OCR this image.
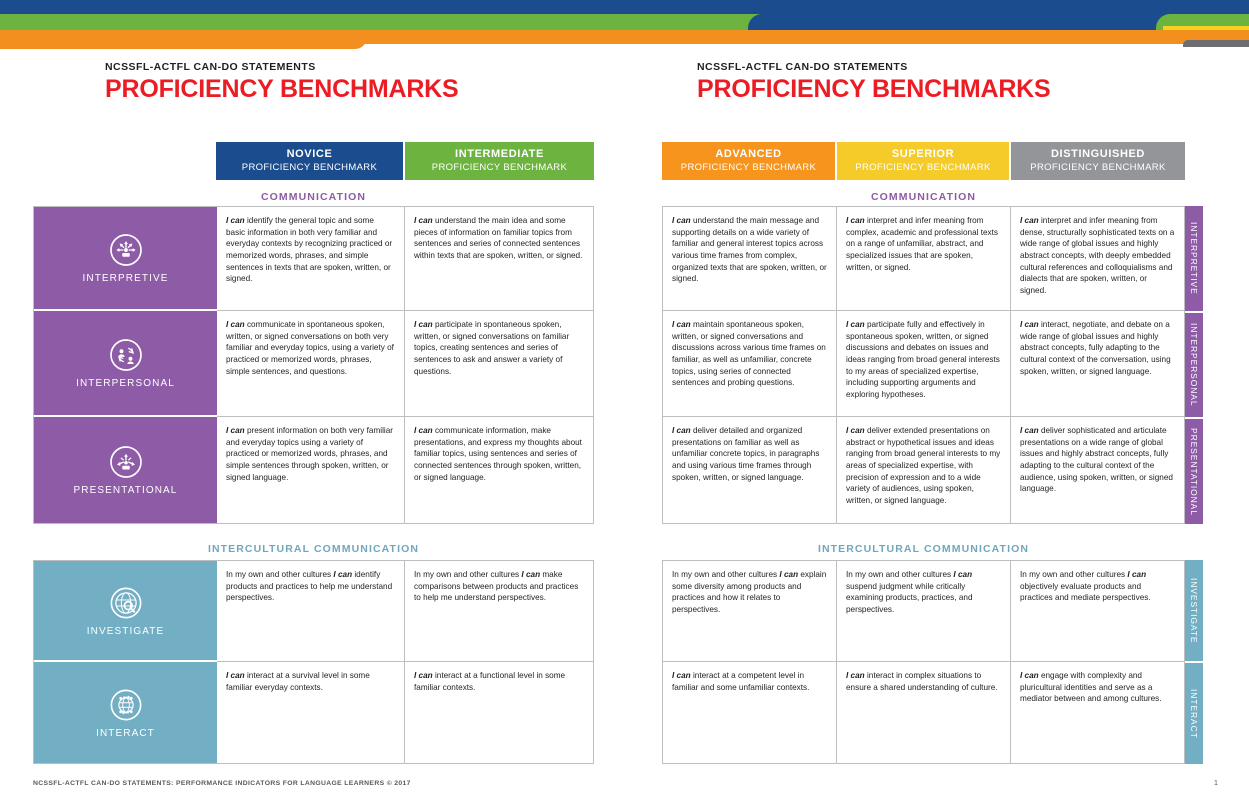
NCSSFL-ACTFL CAN-DO STATEMENTS

PROFICIENCY BENCHMARKS

NCSSFL-ACTFL CAN-DO STATEMENTS

PROFICIENCY BENCHMARKS
NOVICE
PROFICIENCY BENCHMARK
INTERMEDIATE
PROFICIENCY BENCHMARK
COMMUNICATION
INTERPRETIVE
INTERPERSONAL
PRESENTATIONAL
I can identify the general topic and some basic information in both very familiar and everyday contexts by recognizing practiced or memorized words, phrases, and simple sentences in texts that are spoken, written, or signed.
I can understand the main idea and some pieces of information on familiar topics from sentences and series of connected sentences within texts that are spoken, written, or signed.
I can communicate in spontaneous spoken, written, or signed conversations on both very familiar and everyday topics, using a variety of practiced or memorized words, phrases, simple sentences, and questions.
I can participate in spontaneous spoken, written, or signed conversations on familiar topics, creating sentences and series of sentences to ask and answer a variety of questions.
I can present information on both very familiar and everyday topics using a variety of practiced or memorized words, phrases, and simple sentences through spoken, written, or signed language.
I can communicate information, make presentations, and express my thoughts about familiar topics, using sentences and series of connected sentences through spoken, written, or signed language.
INTERCULTURAL COMMUNICATION
INVESTIGATE
INTERACT
In my own and other cultures I can identify products and practices to help me understand perspectives.
In my own and other cultures I can make comparisons between products and practices to help me understand perspectives.
I can interact at a survival level in some familiar everyday contexts.
I can interact at a functional level in some familiar contexts.
ADVANCED
PROFICIENCY BENCHMARK
SUPERIOR
PROFICIENCY BENCHMARK
DISTINGUISHED
PROFICIENCY BENCHMARK
COMMUNICATION
I can understand the main message and supporting details on a wide variety of familiar and general interest topics across various time frames from complex, organized texts that are spoken, written, or signed.
I can interpret and infer meaning from complex, academic and professional texts on a range of unfamiliar, abstract, and specialized issues that are spoken, written, or signed.
I can interpret and infer meaning from dense, structurally sophisticated texts on a wide range of global issues and highly abstract concepts, with deeply embedded cultural references and colloquialisms and dialects that are spoken, written, or signed.
I can maintain spontaneous spoken, written, or signed conversations and discussions across various time frames on familiar, as well as unfamiliar, concrete topics, using series of connected sentences and probing questions.
I can participate fully and effectively in spontaneous spoken, written, or signed discussions and debates on issues and ideas ranging from broad general interests to my areas of specialized expertise, including supporting arguments and exploring hypotheses.
I can interact, negotiate, and debate on a wide range of global issues and highly abstract concepts, fully adapting to the cultural context of the conversation, using spoken, written, or signed language.
I can deliver detailed and organized presentations on familiar as well as unfamiliar concrete topics, in paragraphs and using various time frames through spoken, written, or signed language.
I can deliver extended presentations on abstract or hypothetical issues and ideas ranging from broad general interests to my areas of specialized expertise, with precision of expression and to a wide variety of audiences, using spoken, written, or signed language.
I can deliver sophisticated and articulate presentations on a wide range of global issues and highly abstract concepts, fully adapting to the cultural context of the audience, using spoken, written, or signed language.
INTERPRETIVE
INTERPERSONAL
PRESENTATIONAL
INTERCULTURAL COMMUNICATION
In my own and other cultures I can explain some diversity among products and practices and how it relates to perspectives.
In my own and other cultures I can suspend judgment while critically examining products, practices, and perspectives.
In my own and other cultures I can objectively evaluate products and practices and mediate perspectives.
I can interact at a competent level in familiar and some unfamiliar contexts.
I can interact in complex situations to ensure a shared understanding of culture.
I can engage with complexity and pluricultural identities and serve as a mediator between and among cultures.
INVESTIGATE
INTERACT
NCSSFL-ACTFL CAN-DO STATEMENTS: PERFORMANCE INDICATORS FOR LANGUAGE LEARNERS © 2017	1
